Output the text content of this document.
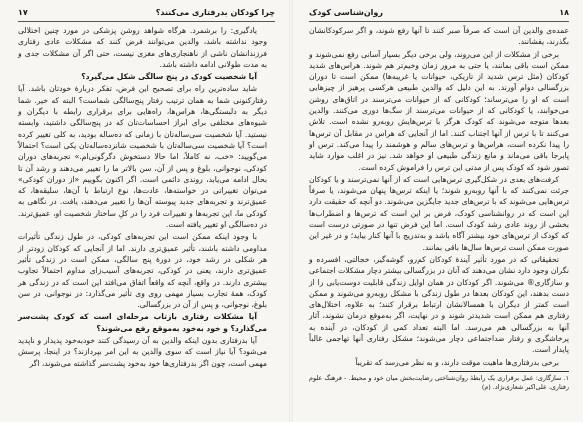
چرا کودکان بدرفتاری می‌کنند؟
۱۷

یادگیری: را برشمرد. هرگاه شواهد روشن پزشکی در مورد چنین اختلالی وجود نداشته باشد، والدین می‌توانند فرض کنند که مشکلات عادی رفتاری فرزندانشان ناشی از ناهنجاری‌های مغزی نیست، حتی اگر آن مشکلات جدی و به مدت طولانی ادامه داشته باشد.

آیا شخصیت کودک در پنج سالگی شکل می‌گیرد؟

شاید ساده‌ترین راه برای تصحیح این فرض، تفکر دربارهٔ خودتان باشد. آیا رفتارکنونی شما به همان ترتیب رفتار پنج‌سالگی شماست؟ البته که خیر. شما دیگر به دلبستگی‌ها، هراس‌ها، راه‌هایی برای برقراری رابطه با دیگران و شیوه‌های مختلفی برای ابراز احساسات‌تان که در پنج‌سالگی داشتید، وابسته نیستید. آیا شخصیت سی‌ساله‌تان با زمانی که ده‌ساله بودید، به کلی تغییر کرده است؟ آیا شخصیت سی‌ساله‌تان با شخصیت شانزده‌ساله‌تان یکی است؟ احتمالاً می‌گویید: «خب، نه کاملاً، اما حالا دستخوش دگرگونی‌ام.» تجربه‌های دوران کودکی، نوجوانی، بلوغ و پس از آن، سن بالاتر ما را تغییر می‌دهند و رشد آن تا بحال ادامه می‌یابد، روندی دائمی است. اگر اکنون بگوییم «از دوران کودکی» می‌توان تغییراتی در خواسته‌ها، عادت‌ها، نوع ارتباط با آن‌ها، سلیقه‌ها، که عمیق‌ترند و تجربه‌های جدید پیوسته آن‌ها را تغییر می‌دهند، یافت. در نگاهی به کودکی ما، این تجربه‌ها و تغییرات فرد را در کلِ ساختار شخصیت او، عمیق‌ترند. در ده‌سالگی او تغییر یافته است.

با وجود اینکه ممکن است این تجربه‌های کودکی، در طول زندگی تأثیرات مداومی داشته باشند، تأثیر عمیق‌تری دارند. اما از آنجایی که کودکان زودتر از هر شکلی در رشد خود، در دورهٔ پنج سالگی، ممکن است در زندگی تأثیر عمیق‌تری دارند، یعنی در کودکی، تجربه‌های آسیب‌زای مداوم احتمالاً تجاوب بیشتری دارند. در واقع، آنچه که واقعاً اتفاق می‌افتد این است که در زندگی هر کودک، همهٔ تجارب بسیار مهمی روی وی تأثیر می‌گذارد: در نوجوانی، در سن بلوغ، نوجوانی، و پس از آن در بزرگسالی.

آیا مشکلات رفتاری بازتاب مرحله‌ای است که کودک پشت‌سر می‌گذارد؟ و خود به‌خود به‌موقع رفع می‌شوند؟

آیا بدرفتاری بدون اینکه والدین به آن رسیدگی کنند خودبه‌خود پدیدار و ناپدید می‌شود؟ آیا نیاز است که سوی والدین به این امر بپردازند؟ در اینجا، پرسش مهمی است، چون اگر بدرفتاری‌ها خود به‌خود پشت‌سر گذاشته می‌شوند، اگر

۱۸
روان‌شناسی کودک

عمده‌ی والدین آن است که صرفاً صبر کنند تا آنها رفع شوند، و اگر سرکودکانشان بگذرند، یفشانند.

برخی از مشکلات از این می‌روند، ولی برخی دیگر بسیار آسانی رفع نمی‌شوند و ممکن است باقی بمانند، یا حتی به مرور زمان وخیم‌تر هم شوند. هراس‌های شدید کودکان (مثل ترس شدید از تاریکی، حیوانات یا غریبه‌ها) ممکن است تا دوران بزرگسالی دوام آورند. به این دلیل که والدین طبیعی هرکسی پرهیز از چیزهایی است که او را می‌ترساند؛ کودکانی که از حیوانات می‌ترسند در اتاق‌های روشن می‌خوابند، یا کودکانی که از حیوانات می‌ترسند از سگ‌ها دوری می‌کنند. والدین بعدها متوجه می‌شوند که کودک هرگز با ترس‌هایش روبه‌رو نشده است. تلاش می‌کنند تا با ترس از آنها اجتناب کنند. اما از آنجایی که هراس در مقابل آن ترس‌ها را پیدا نکرده است، هراس‌ها و ترس‌های سالم و هوشمند را پیدا می‌کند. ترس او پابرجا باقی می‌ماند و مانع زندگی طبیعی او خواهد شد. نیز در اغلب موارد شاید تصور شود که کودک پس از مدتی این ترس را فراموش کرده است.

کرفت‌های بعدی در شکل‌گیری ترس‌هایی است که از آنها نمی‌ترسند و یا کودکان جرئت نمی‌کنند که با آنها روبه‌رو شوند؛ یا اینکه ترس‌ها پنهان می‌شوند، یا صرفاً ترس‌هایی می‌شوند که با ترس‌های جدید جایگزین می‌شوند. دو آنچه که حقیقت دارد این است که در روانشناسی کودک، فرض بر این است که ترس‌ها و اضطراب‌ها بخشی از روند عادی رشد کودک است. اما این فرض تنها در صورتی درست است که کودک از ترس‌های خود بیشتر آگاه باشد و به‌تدریج با آنها کنار بیاید؛ و در غیر این صورت ممکن است ترس‌ها سال‌ها باقی بمانند.

تحقیقاتی که در مورد تأثیر آیندهٔ کودکان کم‌رو، گوشه‌گیر، خجالتی، افسرده و نگران وجود دارد نشان می‌دهند که آنان در بزرگسالی بیشتر دچار مشکلات اجتماعی و سازگاری® می‌شوند. اگر کودکان در همان اوایل زندگی قابلیت دوست‌یابی را از دست بدهند، این کودکان بعدها در طول زندگی با مشکل روبه‌رو می‌شوند و ممکن است کمتر از دیگران با همسالانشان ارتباط برقرار کنند؛ به علاوه، اختلال‌های رفتاری هم ممکن است شدیدتر شوند و در نهایت، اگر به‌موقع درمان نشوند، آثار آنها به بزرگسالی هم می‌رسد. اما البته تعداد کمی از کودکان، در آینده به پرخاشگری و رفتار ضداجتماعی دچار می‌شوند؛ مشکل رفتاری آنها تهاجمی غالباً پایدار است.

برخی بدرفتاری‌ها ماهیت موقت دارند، و به نظر می‌رسد که تقریباً

۱. سازگاری: عمل برقراری یک رابطهٔ روان‌شناختی رضایت‌بخش میان خود و محیط. - فرهنگ علوم رفتاری، علی‌اکبر شعاری‌نژاد. (م)
